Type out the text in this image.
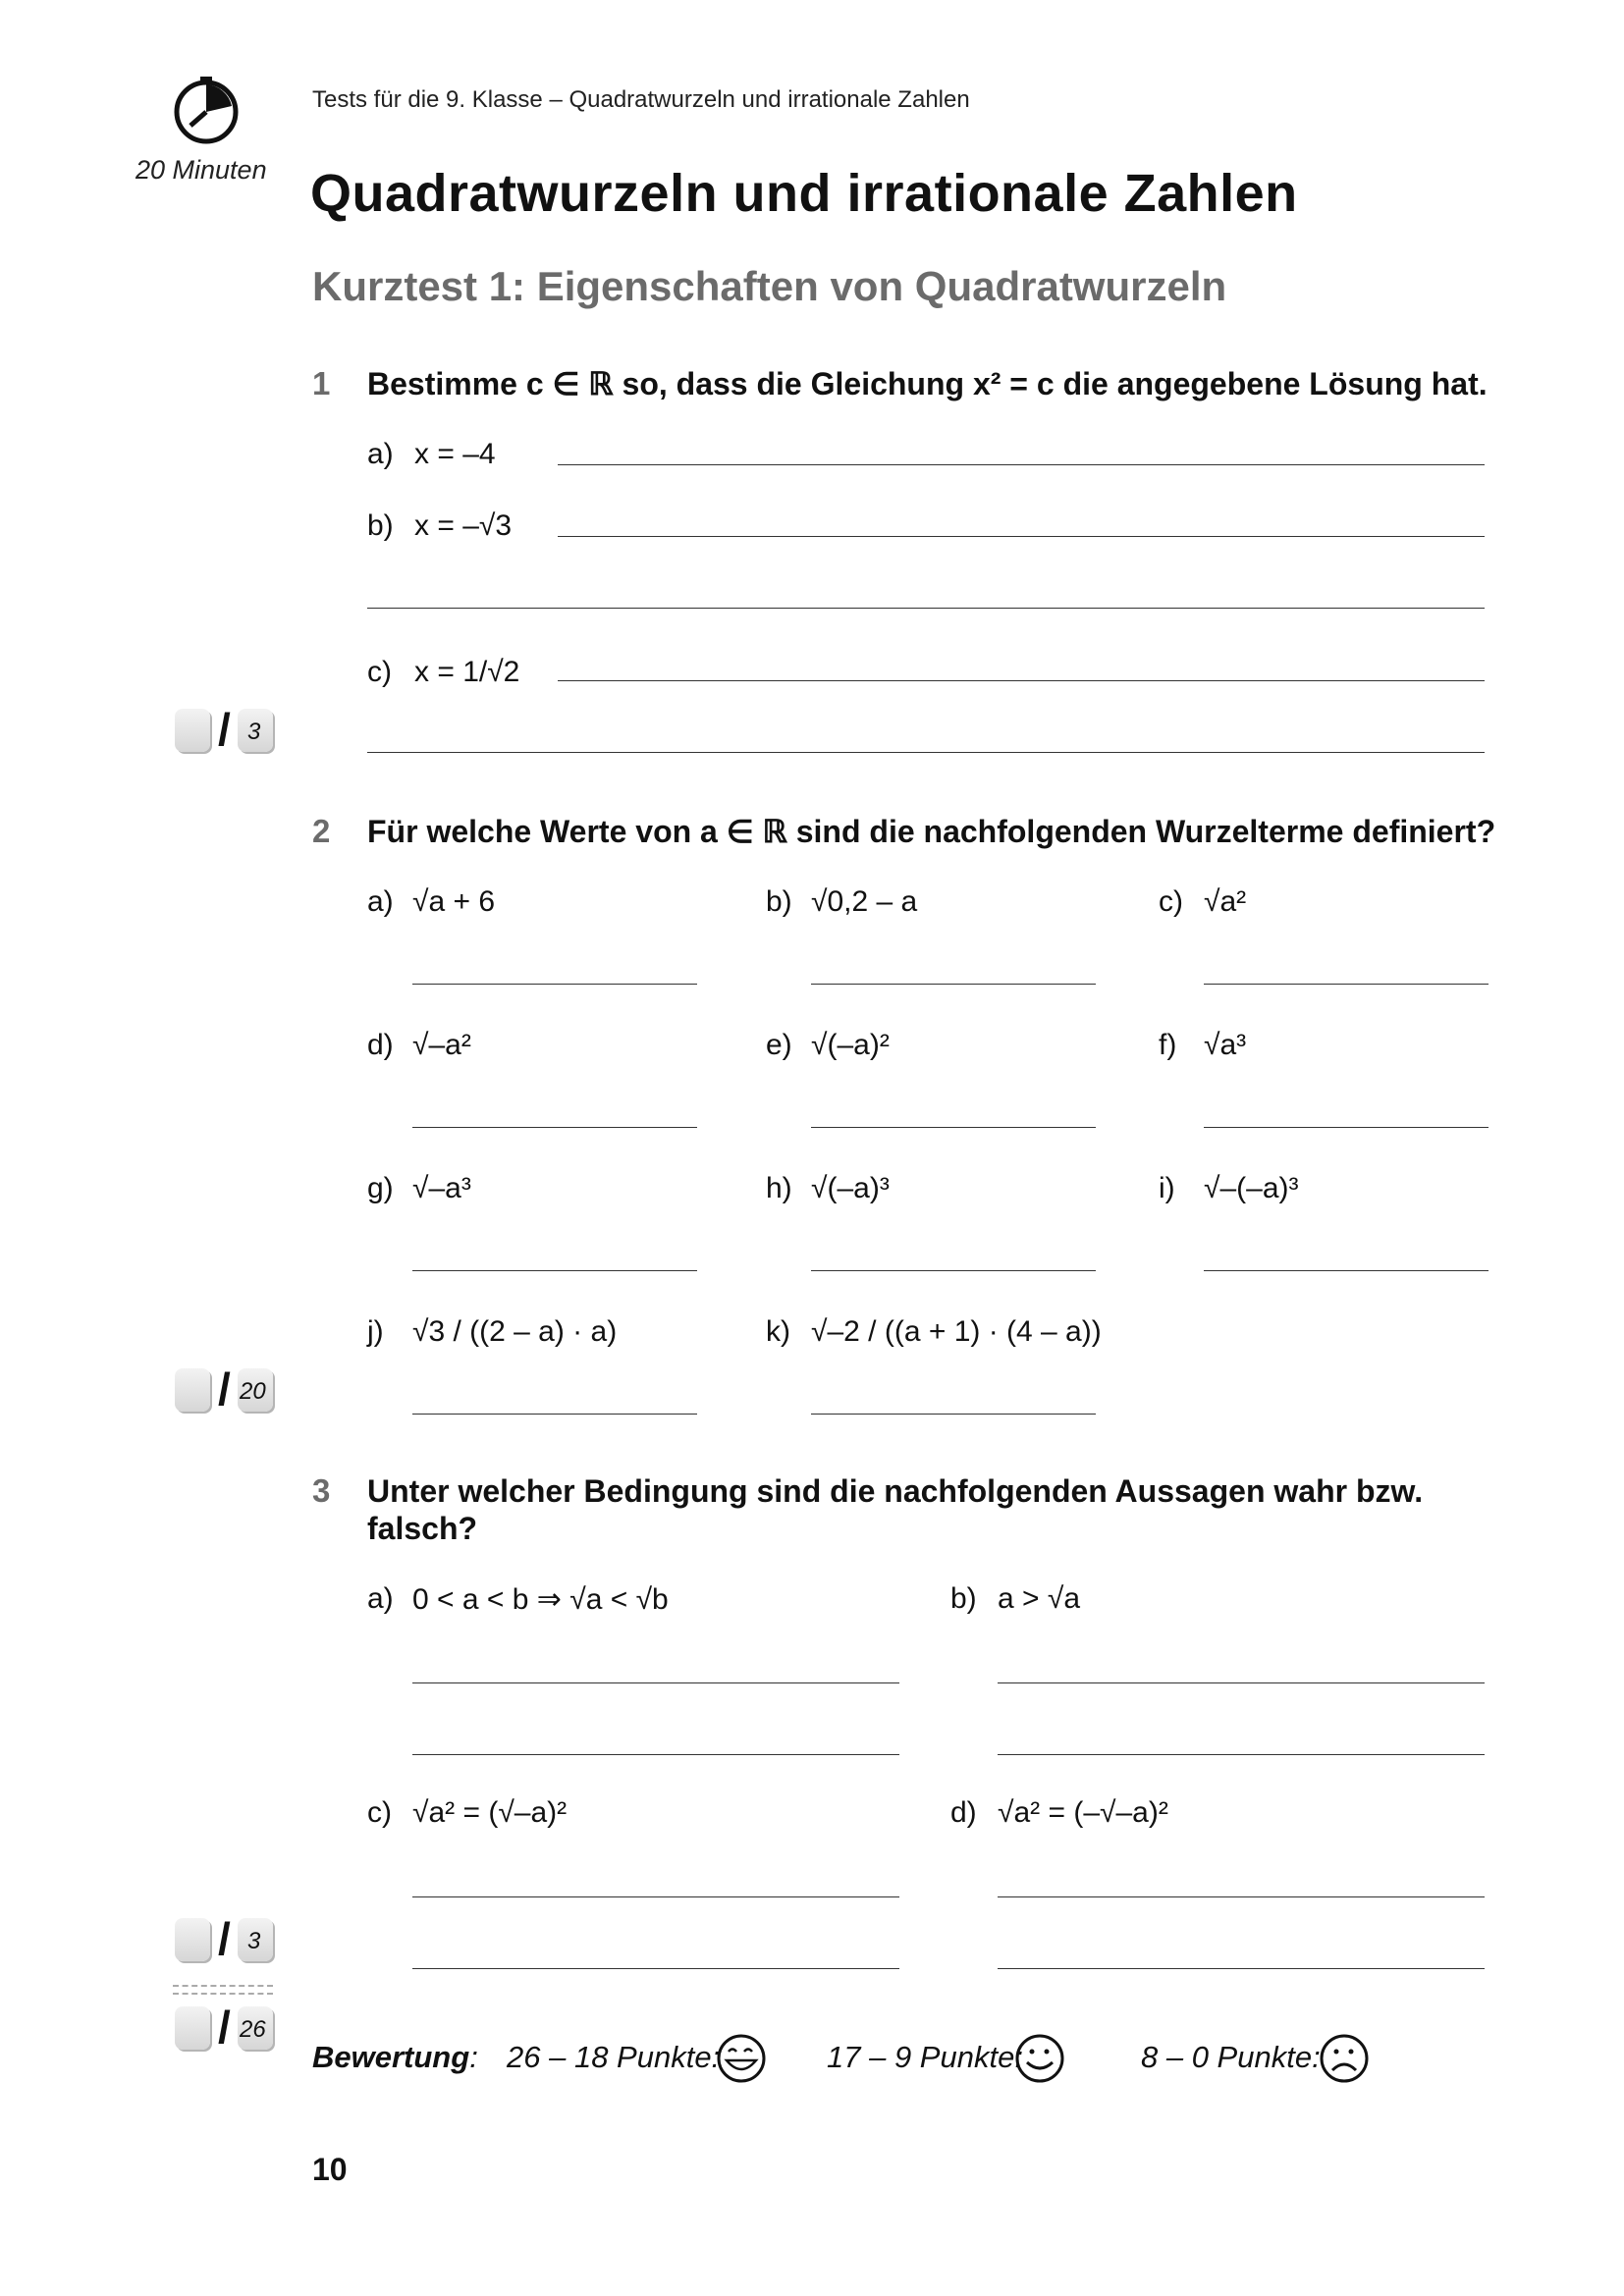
20 Minuten
Tests für die 9. Klasse – Quadratwurzeln und irrationale Zahlen
Quadratwurzeln und irrationale Zahlen
Kurztest 1: Eigenschaften von Quadratwurzeln
1 Bestimme c ∈ ℝ so, dass die Gleichung x² = c die angegebene Lösung hat.
a) x = –4
b) x = –√3
c) x = 1/√2
/ 3
2 Für welche Werte von a ∈ ℝ sind die nachfolgenden Wurzelterme definiert?
a) √a + 6	b) √0,2 – a	c) √a²
d) √–a²	e) √(–a)²	f) √a³
g) √–a³	h) √(–a)³	i) √–(–a)³
j) √3 / ((2 – a) · a)	k) √–2 / ((a + 1) · (4 – a))
/ 20
3 Unter welcher Bedingung sind die nachfolgenden Aussagen wahr bzw. falsch?
a) 0 < a < b ⇒ √a < √b	b) a > √a
c) √a² = (√–a)²	d) √a² = (–√–a)²
/ 3
/ 26
Bewertung: 26 – 18 Punkte:	17 – 9 Punkte:	8 – 0 Punkte:
10
